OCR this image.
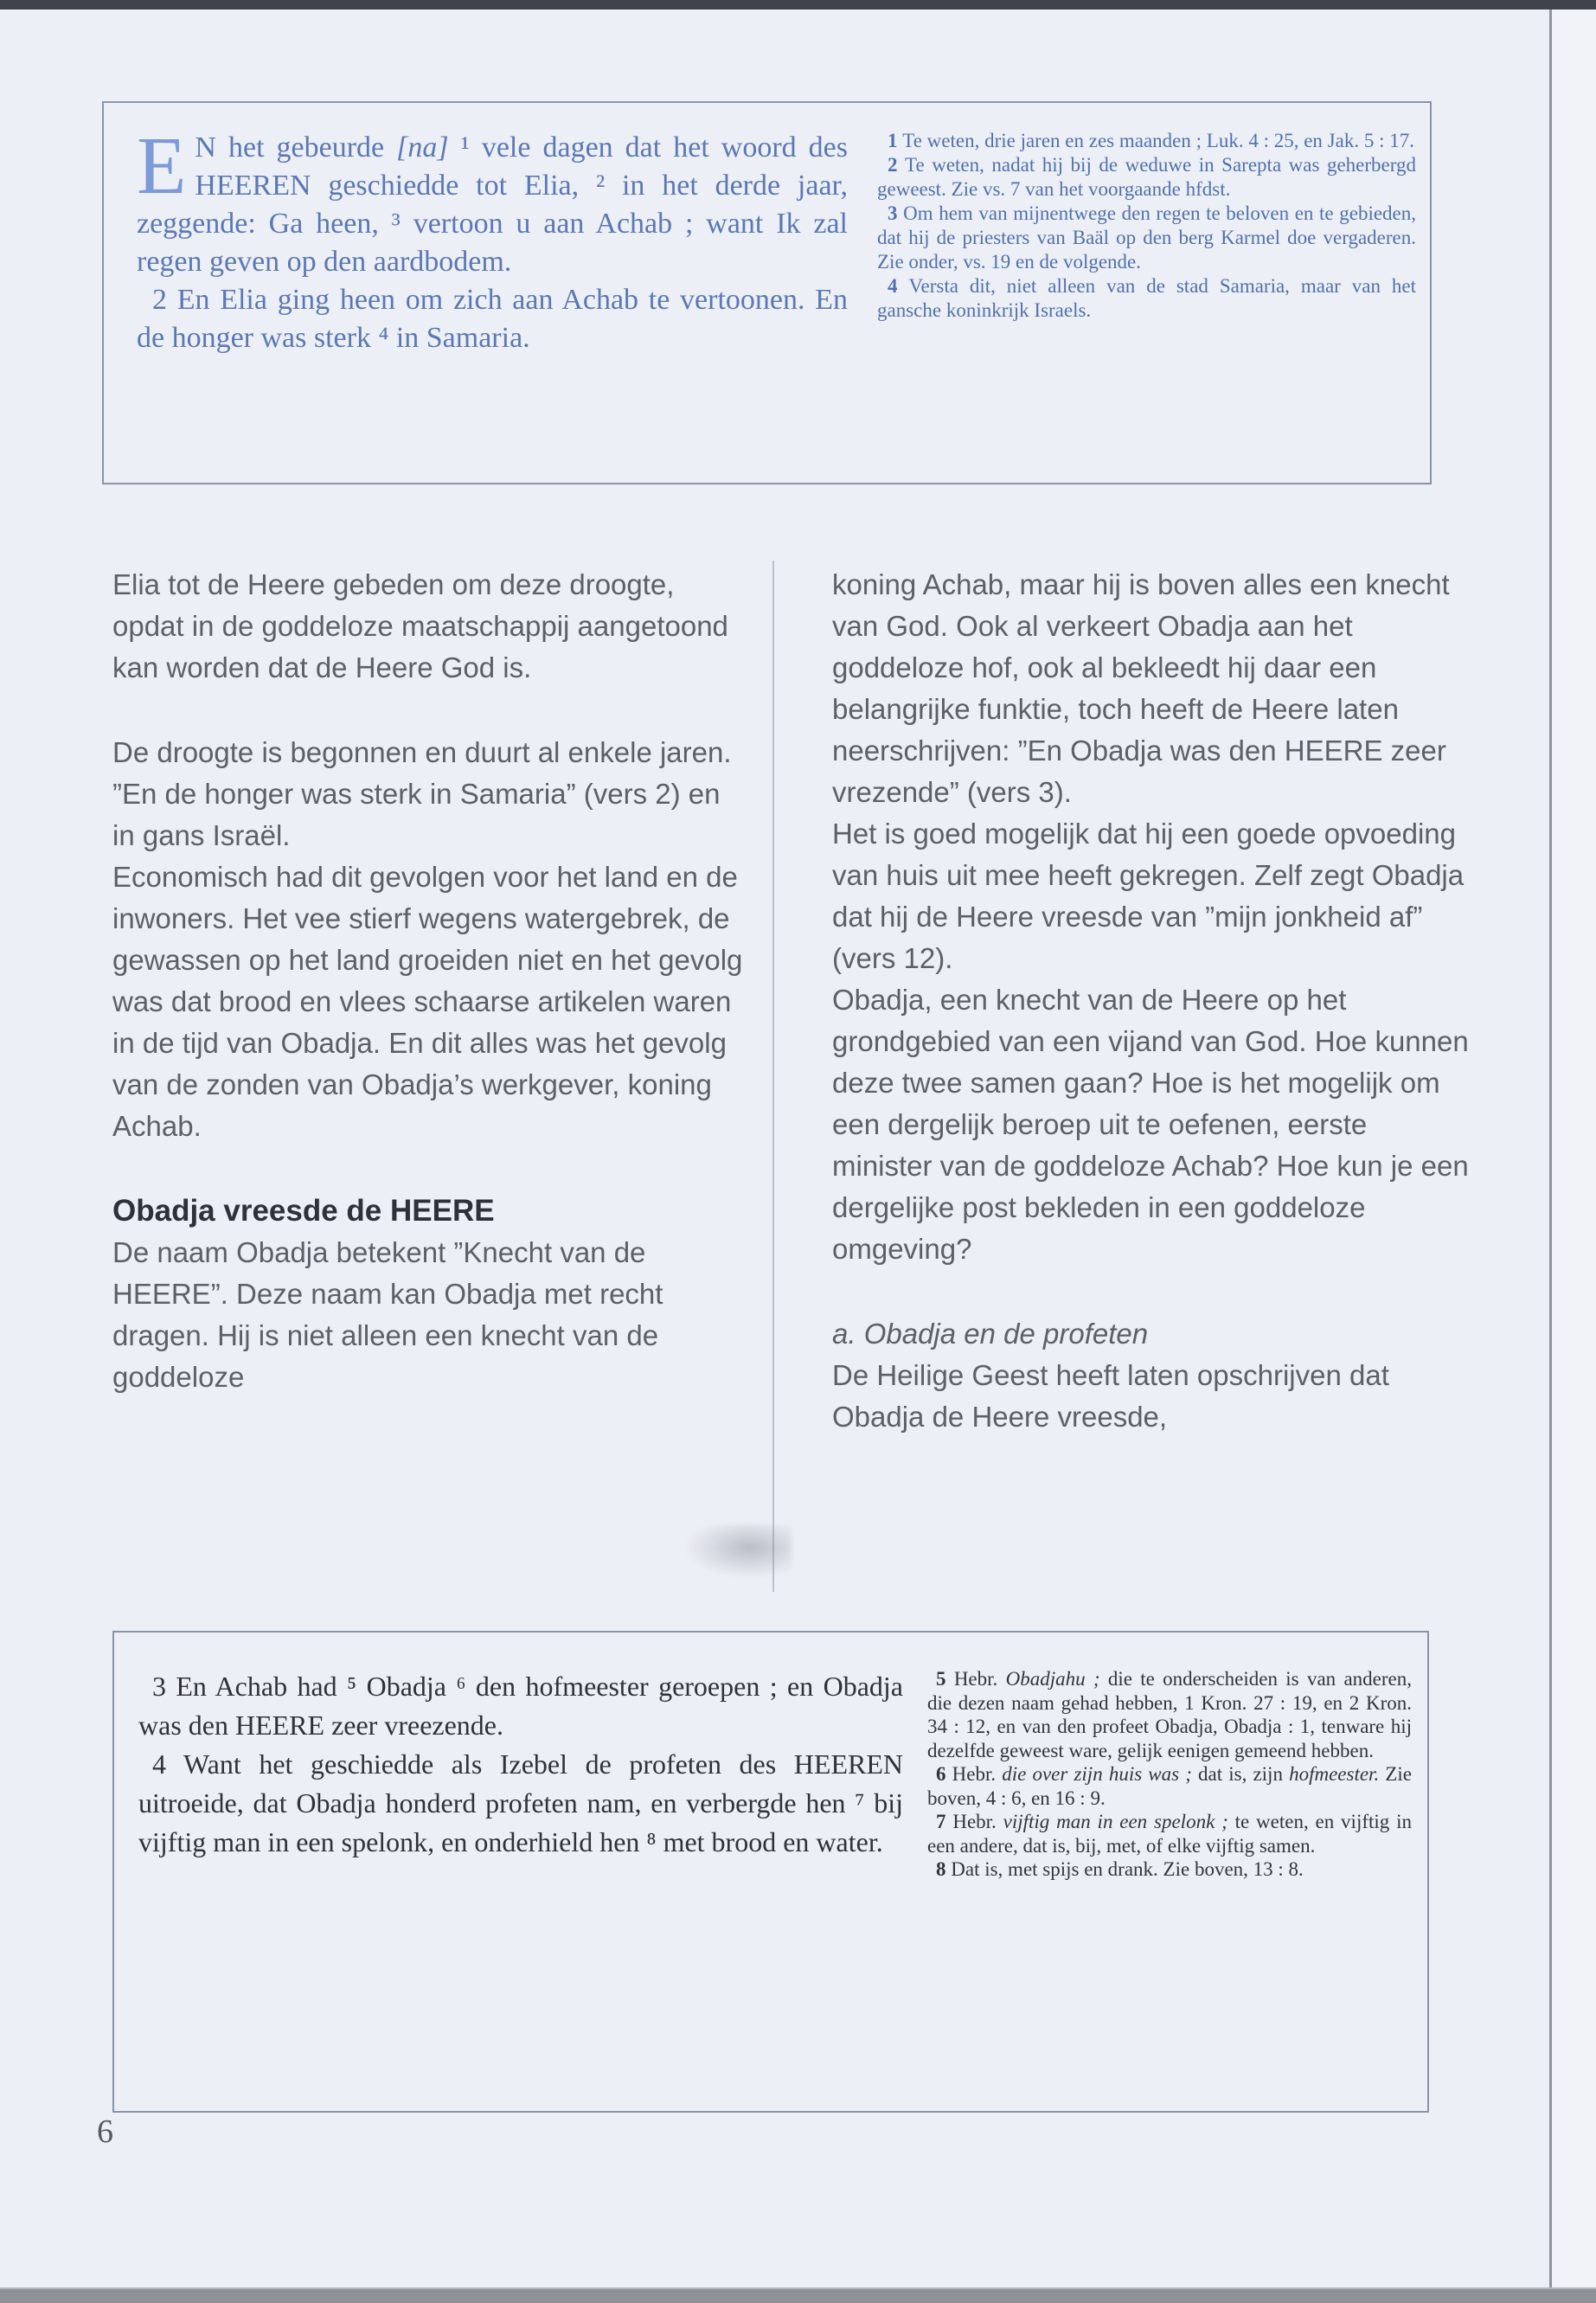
E N het gebeurde [na] ¹ vele dagen dat het woord des HEEREN geschiedde tot Elia, ² in het derde jaar, zeggende: Ga heen, ³ vertoon u aan Achab ; want Ik zal regen geven op den aardbodem.

2 En Elia ging heen om zich aan Achab te vertoonen. En de honger was sterk ⁴ in Samaria.

1 Te weten, drie jaren en zes maanden ; Luk. 4 : 25, en Jak. 5 : 17.

2 Te weten, nadat hij bij de weduwe in Sarepta was geherbergd geweest. Zie vs. 7 van het voorgaande hfdst.

3 Om hem van mijnentwege den regen te beloven en te gebieden, dat hij de priesters van Baäl op den berg Karmel doe vergaderen. Zie onder, vs. 19 en de volgende.

4 Versta dit, niet alleen van de stad Samaria, maar van het gansche koninkrijk Israels.

Elia tot de Heere gebeden om deze droogte, opdat in de goddeloze maatschappij aangetoond kan worden dat de Heere God is.

De droogte is begonnen en duurt al enkele jaren. ”En de honger was sterk in Samaria” (vers 2) en in gans Israël.

Economisch had dit gevolgen voor het land en de inwoners. Het vee stierf wegens watergebrek, de gewassen op het land groeiden niet en het gevolg was dat brood en vlees schaarse artikelen waren in de tijd van Obadja. En dit alles was het gevolg van de zonden van Obadja’s werkgever, koning Achab.

Obadja vreesde de HEERE

De naam Obadja betekent ”Knecht van de HEERE”. Deze naam kan Obadja met recht dragen. Hij is niet alleen een knecht van de goddeloze

koning Achab, maar hij is boven alles een knecht van God. Ook al verkeert Obadja aan het goddeloze hof, ook al bekleedt hij daar een belangrijke funktie, toch heeft de Heere laten neerschrijven: ”En Obadja was den HEERE zeer vrezende” (vers 3).

Het is goed mogelijk dat hij een goede opvoeding van huis uit mee heeft gekregen. Zelf zegt Obadja dat hij de Heere vreesde van ”mijn jonkheid af” (vers 12).

Obadja, een knecht van de Heere op het grondgebied van een vijand van God. Hoe kunnen deze twee samen gaan? Hoe is het mogelijk om een dergelijk beroep uit te oefenen, eerste minister van de goddeloze Achab? Hoe kun je een dergelijke post bekleden in een goddeloze omgeving?

a. Obadja en de profeten

De Heilige Geest heeft laten opschrijven dat Obadja de Heere vreesde,

3 En Achab had ⁵ Obadja ⁶ den hofmeester geroepen ; en Obadja was den HEERE zeer vreezende.

4 Want het geschiedde als Izebel de profeten des HEEREN uitroeide, dat Obadja honderd profeten nam, en verbergde hen ⁷ bij vijftig man in een spelonk, en onderhield hen ⁸ met brood en water.

5 Hebr. Obadjahu ; die te onderscheiden is van anderen, die dezen naam gehad hebben, 1 Kron. 27 : 19, en 2 Kron. 34 : 12, en van den profeet Obadja, Obadja : 1, tenware hij dezelfde geweest ware, gelijk eenigen gemeend hebben.

6 Hebr. die over zijn huis was ; dat is, zijn hofmeester. Zie boven, 4 : 6, en 16 : 9.

7 Hebr. vijftig man in een spelonk ; te weten, en vijftig in een andere, dat is, bij, met, of elke vijftig samen.

8 Dat is, met spijs en drank. Zie boven, 13 : 8.

6
